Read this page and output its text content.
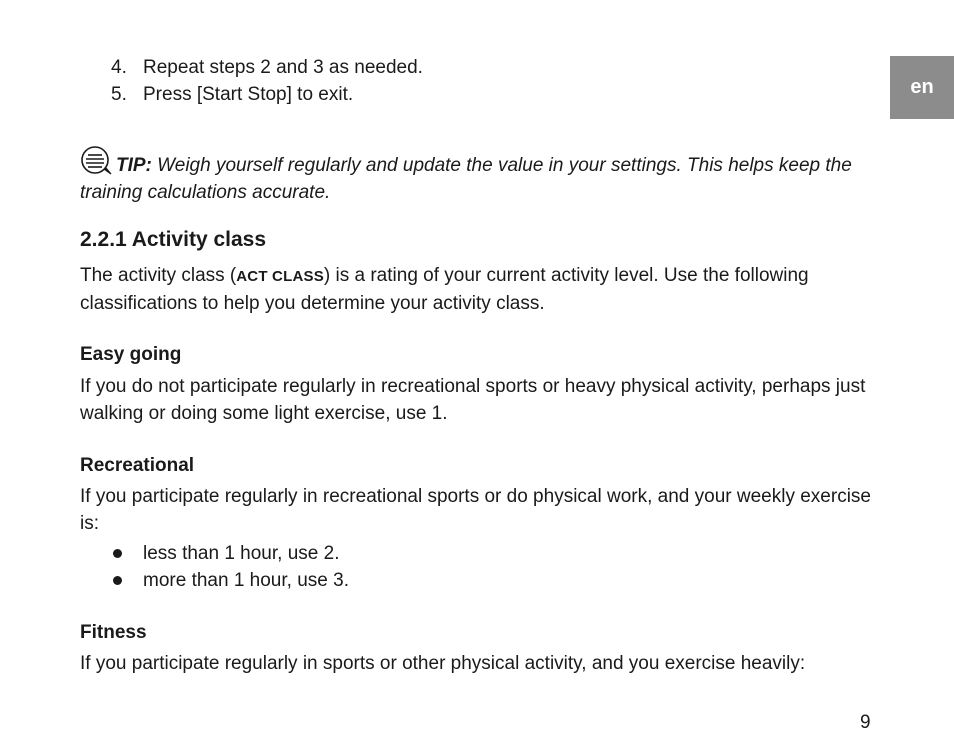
en
4. Repeat steps 2 and 3 as needed.
5. Press [Start Stop] to exit.
TIP: Weigh yourself regularly and update the value in your settings. This helps keep the training calculations accurate.
2.2.1 Activity class

The activity class (ACT CLASS) is a rating of your current activity level. Use the following classifications to help you determine your activity class.

Easy going

If you do not participate regularly in recreational sports or heavy physical activity, perhaps just walking or doing some light exercise, use 1.

Recreational

If you participate regularly in recreational sports or do physical work, and your weekly exercise is:

less than 1 hour, use 2.
more than 1 hour, use 3.
Fitness

If you participate regularly in sports or other physical activity, and you exercise heavily:

9
